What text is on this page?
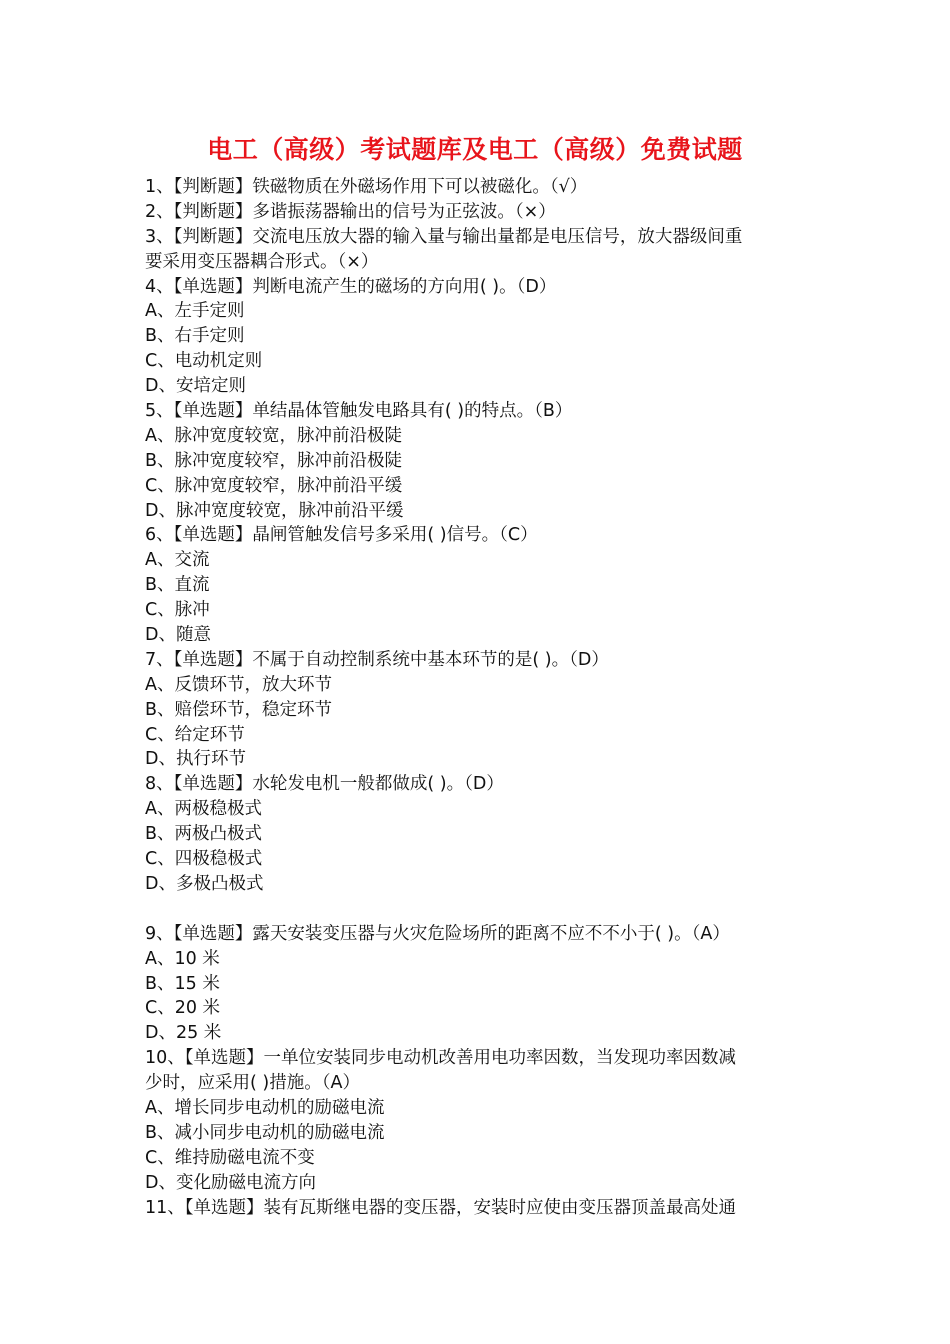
电工（高级）考试题库及电工（高级）免费试题
1、【判断题】铁磁物质在外磁场作用下可以被磁化。（√）
2、【判断题】多谐振荡器输出的信号为正弦波。（×）
3、【判断题】交流电压放大器的输入量与输出量都是电压信号，放大器级间重
要采用变压器耦合形式。（×）
4、【单选题】判断电流产生的磁场的方向用( )。（D）
A、左手定则
B、右手定则
C、电动机定则
D、安培定则
5、【单选题】单结晶体管触发电路具有( )的特点。（B）
A、脉冲宽度较宽，脉冲前沿极陡
B、脉冲宽度较窄，脉冲前沿极陡
C、脉冲宽度较窄，脉冲前沿平缓
D、脉冲宽度较宽，脉冲前沿平缓
6、【单选题】晶闸管触发信号多采用( )信号。（C）
A、交流
B、直流
C、脉冲
D、随意
7、【单选题】不属于自动控制系统中基本环节的是( )。（D）
A、反馈环节，放大环节
B、赔偿环节，稳定环节
C、给定环节
D、执行环节
8、【单选题】水轮发电机一般都做成( )。（D）
A、两极稳极式
B、两极凸极式
C、四极稳极式
D、多极凸极式
9、【单选题】露天安装变压器与火灾危险场所的距离不应不不小于( )。（A）
A、10 米
B、15 米
C、20 米
D、25 米
10、【单选题】一单位安装同步电动机改善用电功率因数，当发现功率因数减
少时，应采用( )措施。（A）
A、增长同步电动机的励磁电流
B、减小同步电动机的励磁电流
C、维持励磁电流不变
D、变化励磁电流方向
11、【单选题】装有瓦斯继电器的变压器，安装时应使由变压器顶盖最高处通
